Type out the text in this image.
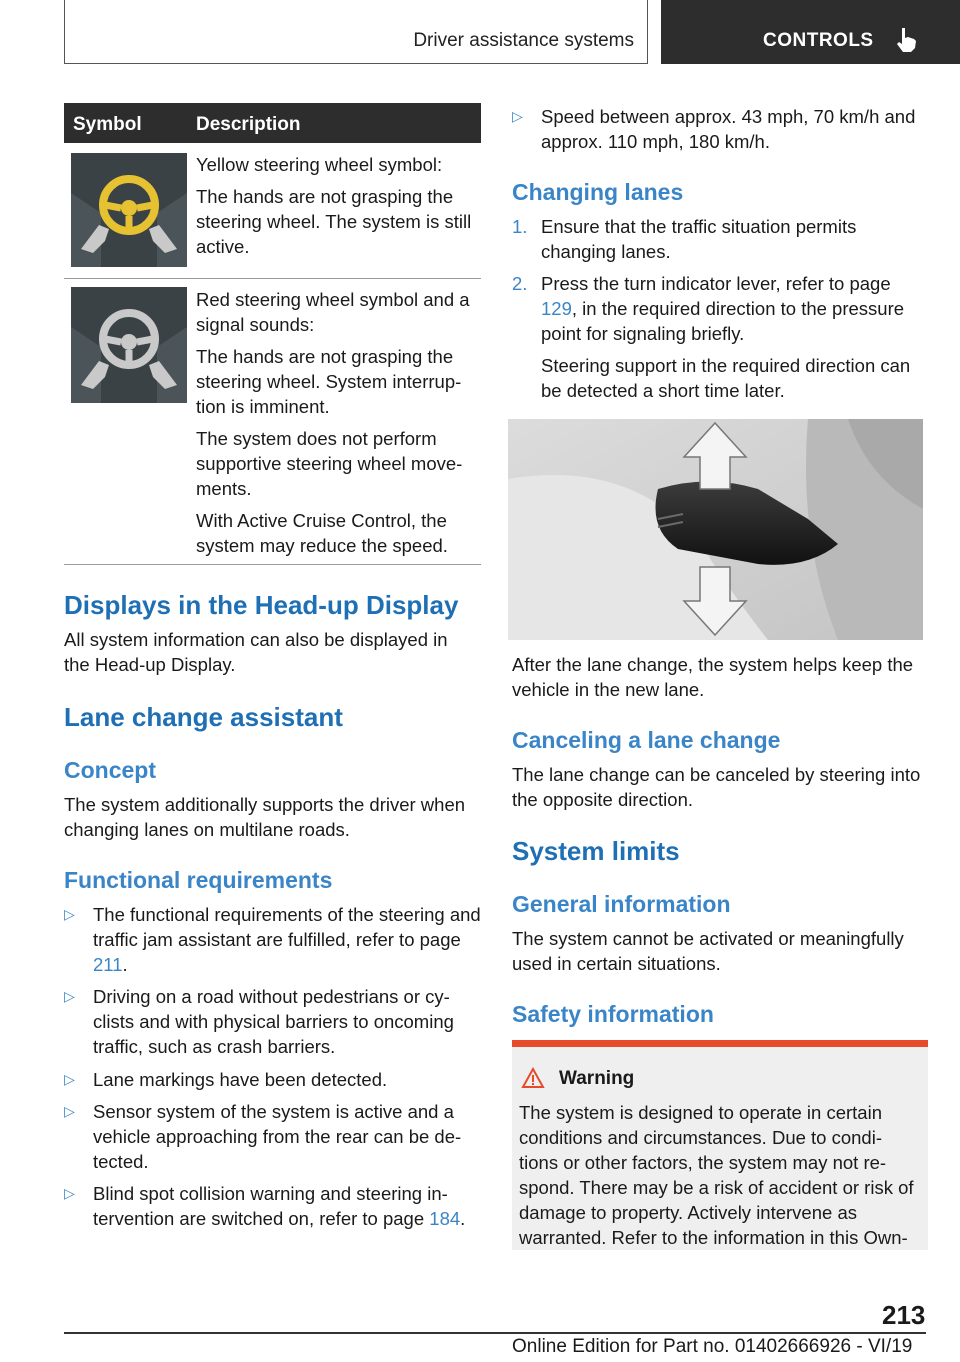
Driver assistance systems	CONTROLS
Symbol	Description

Yellow steering wheel symbol:

The hands are not grasping the steering wheel. The system is still active.

Red steering wheel symbol and a signal sounds:

The hands are not grasping the steering wheel. System interrup-tion is imminent.

The system does not perform supportive steering wheel move-ments.

With Active Cruise Control, the system may reduce the speed.

Displays in the Head-up Display
All system information can also be displayed in the Head-up Display.
Lane change assistant
Concept
The system additionally supports the driver when changing lanes on multilane roads.
Functional requirements
▷ The functional requirements of the steering and traffic jam assistant are fulfilled, refer to page 211.
▷ Driving on a road without pedestrians or cy-clists and with physical barriers to oncoming traffic, such as crash barriers.
▷ Lane markings have been detected.
▷ Sensor system of the system is active and a vehicle approaching from the rear can be de-tected.
▷ Blind spot collision warning and steering in-tervention are switched on, refer to page 184.
▷ Speed between approx. 43 mph, 70 km/h and approx. 110 mph, 180 km/h.
Changing lanes
1. Ensure that the traffic situation permits changing lanes.
2. Press the turn indicator lever, refer to page 129, in the required direction to the pressure point for signaling briefly.
Steering support in the required direction can be detected a short time later.
After the lane change, the system helps keep the vehicle in the new lane.
Canceling a lane change
The lane change can be canceled by steering into the opposite direction.
System limits
General information
The system cannot be activated or meaningfully used in certain situations.
Safety information
Warning
The system is designed to operate in certain conditions and circumstances. Due to condi-tions or other factors, the system may not re-spond. There may be a risk of accident or risk of damage to property. Actively intervene as warranted. Refer to the information in this Own-
213
Online Edition for Part no. 01402666926 - VI/19
